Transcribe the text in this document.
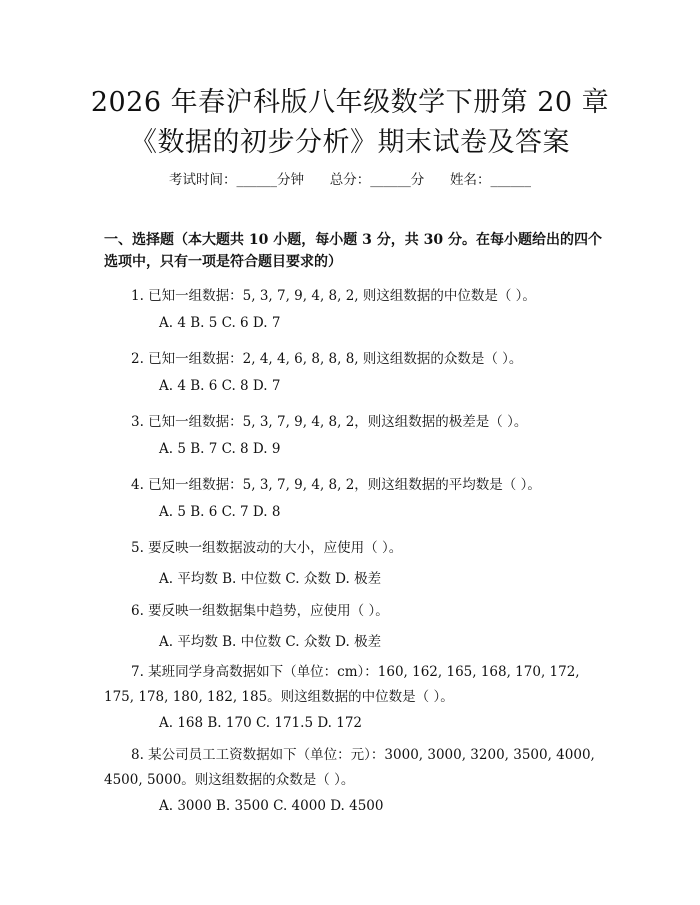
2026 年春沪科版八年级数学下册第 20 章
《数据的初步分析》期末试卷及答案
考试时间：______分钟      总分：______分      姓名：______
一、选择题（本大题共 10 小题，每小题 3 分，共 30 分。在每小题给出的四个选项中，只有一项是符合题目要求的）
1. 已知一组数据：5, 3, 7, 9, 4, 8, 2, 则这组数据的中位数是（ ）。
A. 4 B. 5 C. 6 D. 7
2. 已知一组数据：2, 4, 4, 6, 8, 8, 8, 则这组数据的众数是（ ）。
A. 4 B. 6 C. 8 D. 7
3. 已知一组数据：5, 3, 7, 9, 4, 8, 2，则这组数据的极差是（ ）。
A. 5 B. 7 C. 8 D. 9
4. 已知一组数据：5, 3, 7, 9, 4, 8, 2，则这组数据的平均数是（ ）。
A. 5 B. 6 C. 7 D. 8
5. 要反映一组数据波动的大小，应使用（ ）。
A. 平均数 B. 中位数 C. 众数 D. 极差
6. 要反映一组数据集中趋势，应使用（ ）。
A. 平均数 B. 中位数 C. 众数 D. 极差
7. 某班同学身高数据如下（单位：cm）：160, 162, 165, 168, 170, 172, 175, 178, 180, 182, 185。则这组数据的中位数是（ ）。
A. 168 B. 170 C. 171.5 D. 172
8. 某公司员工工资数据如下（单位：元）：3000, 3000, 3200, 3500, 4000, 4500, 5000。则这组数据的众数是（ ）。
A. 3000 B. 3500 C. 4000 D. 4500
